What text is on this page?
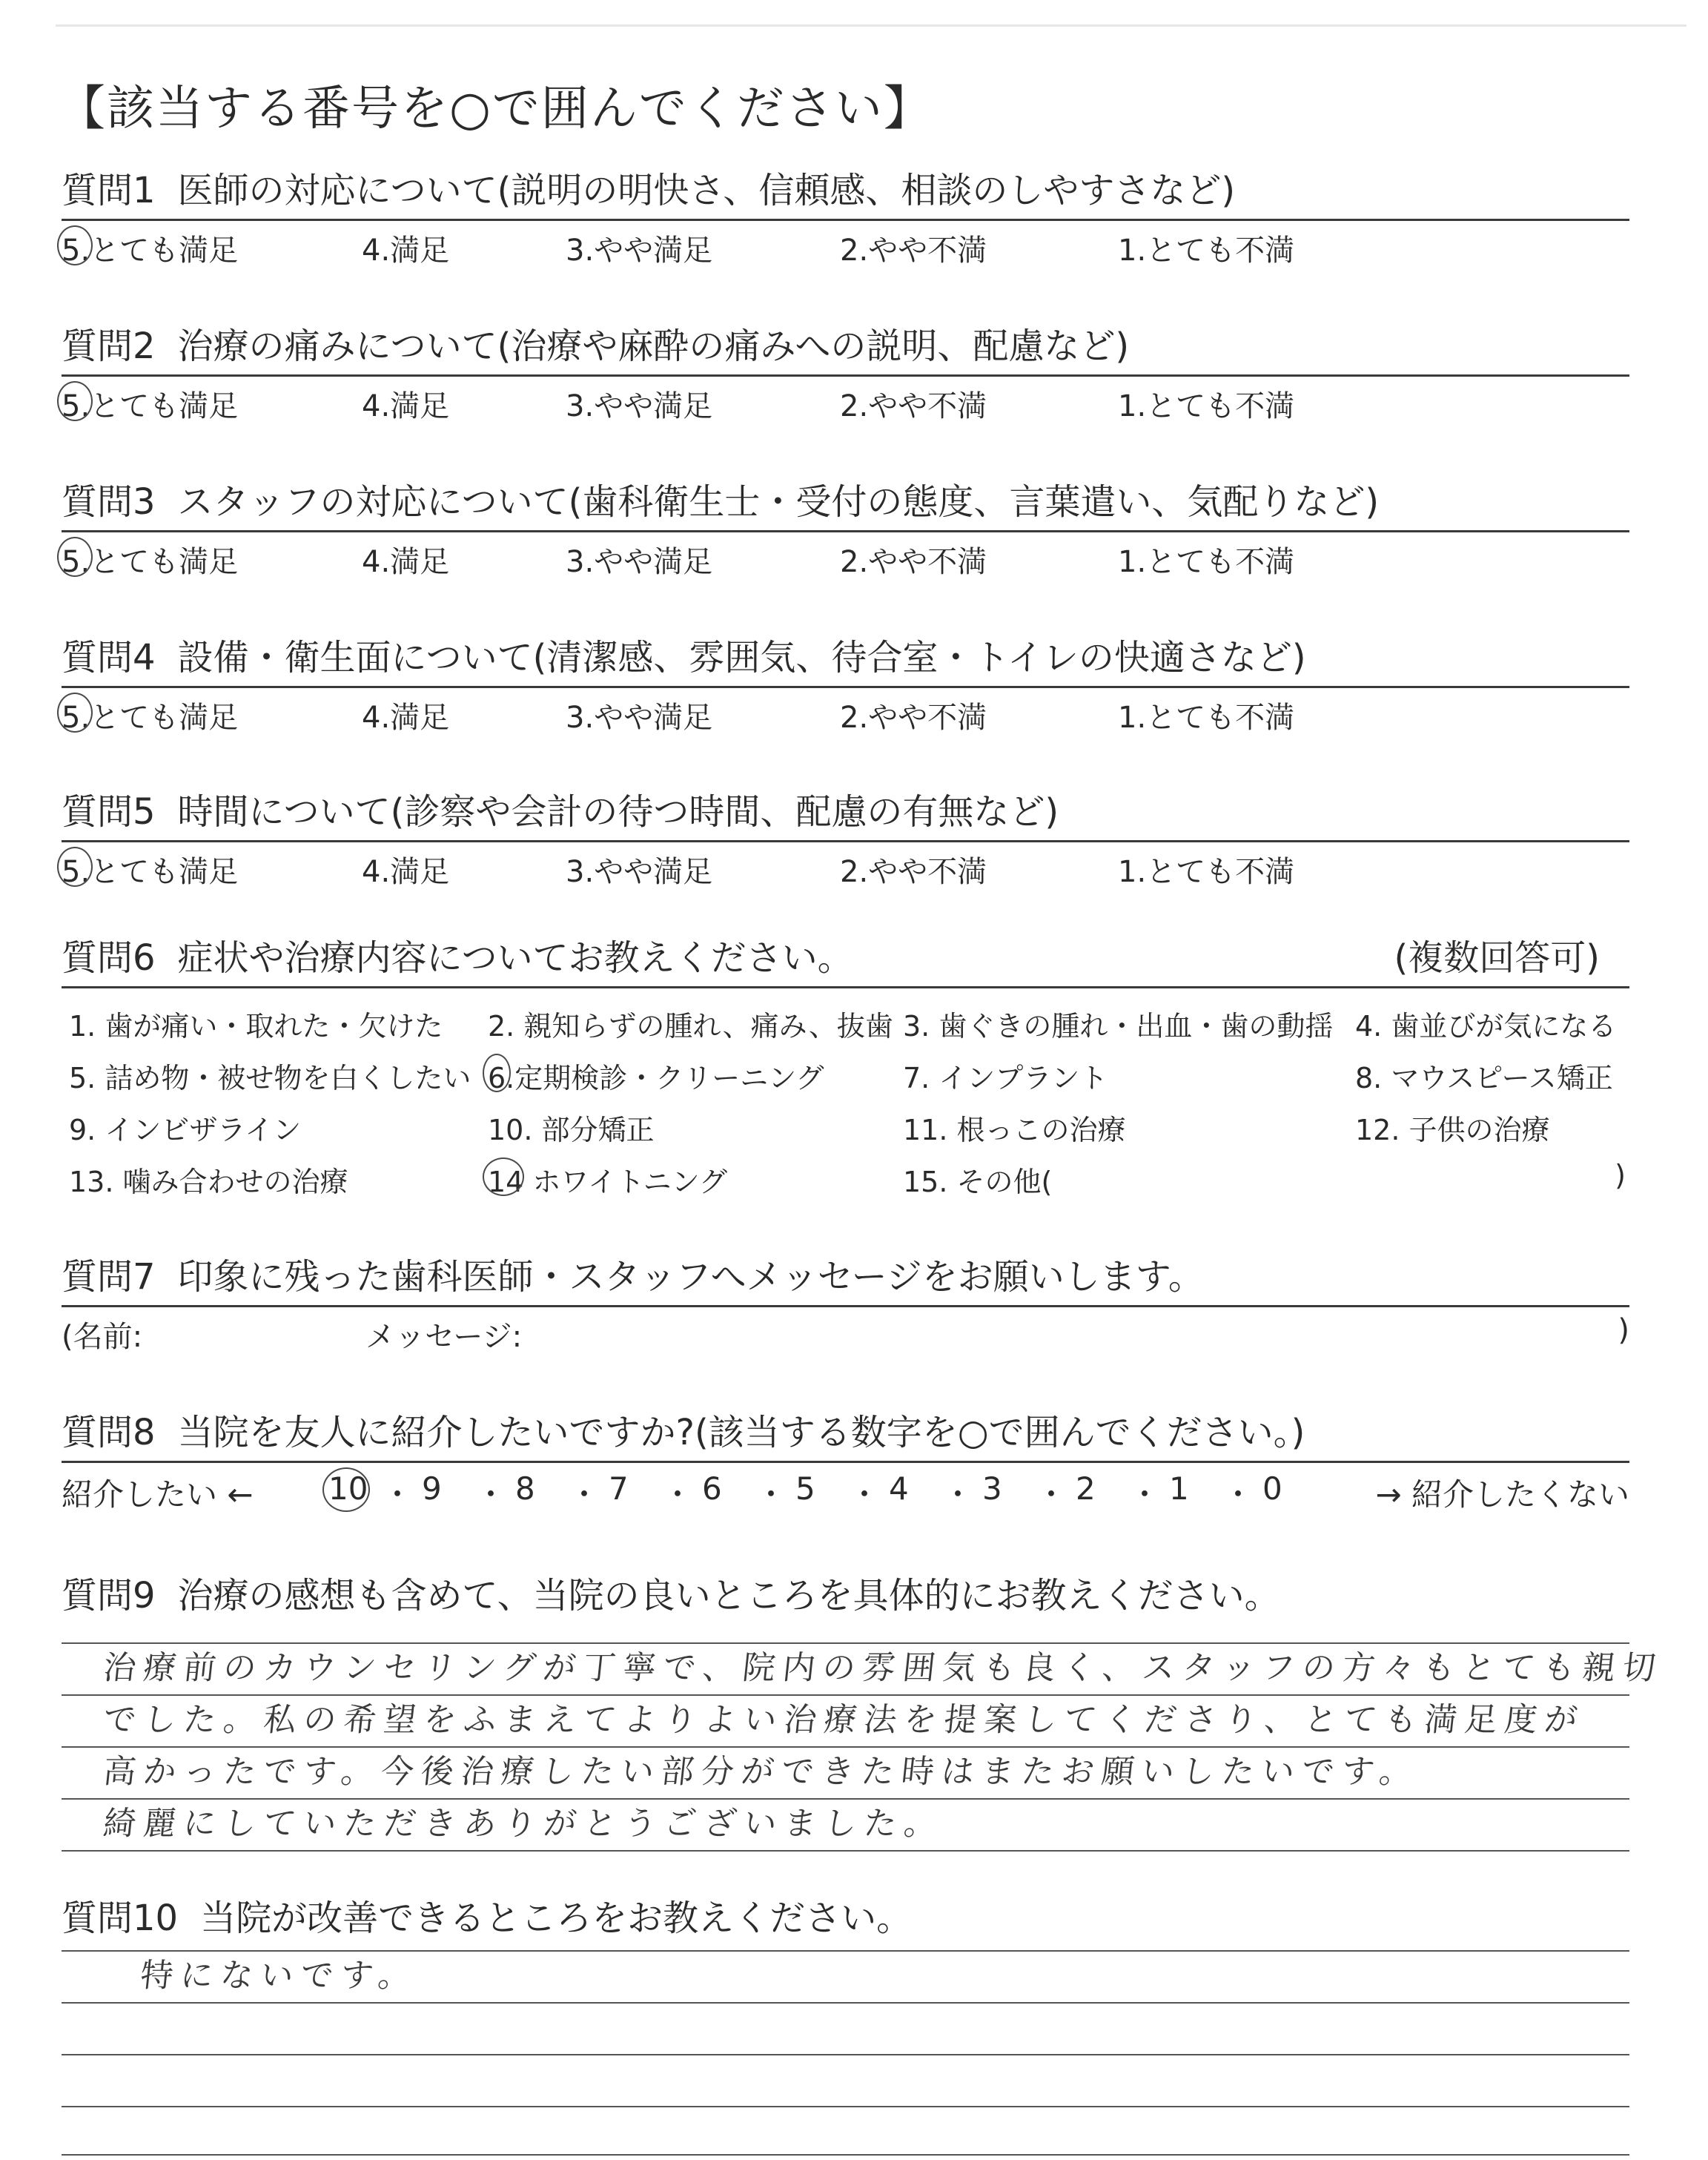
【該当する番号を○で囲んでください】
質問1 医師の対応について(説明の明快さ、信頼感、相談のしやすさなど)
5.とても満足	4.満足	3.やや満足	2.やや不満	1.とても不満
質問2 治療の痛みについて(治療や麻酔の痛みへの説明、配慮など)
5.とても満足	4.満足	3.やや満足	2.やや不満	1.とても不満
質問3 スタッフの対応について(歯科衛生士・受付の態度、言葉遣い、気配りなど)
5.とても満足	4.満足	3.やや満足	2.やや不満	1.とても不満
質問4 設備・衛生面について(清潔感、雰囲気、待合室・トイレの快適さなど)
5.とても満足	4.満足	3.やや満足	2.やや不満	1.とても不満
質問5 時間について(診察や会計の待つ時間、配慮の有無など)
5.とても満足	4.満足	3.やや満足	2.やや不満	1.とても不満
質問6 症状や治療内容についてお教えください。	(複数回答可)
1. 歯が痛い・取れた・欠けた 2. 親知らずの腫れ、痛み、抜歯 3. 歯ぐきの腫れ・出血・歯の動揺 4. 歯並びが気になる
5. 詰め物・被せ物を白くしたい 6.定期検診・クリーニング	7. インプラント	8. マウスピース矯正
9. インビザライン	10. 部分矯正	11. 根っこの治療	12. 子供の治療
13. 噛み合わせの治療	14 ホワイトニング	15. その他(	)
質問7 印象に残った歯科医師・スタッフへメッセージをお願いします。
(名前:	メッセージ:	)
質問8 当院を友人に紹介したいですか?(該当する数字を○で囲んでください。)
紹介したい ←	→ 紹介したくない
10 ・ 9 ・ 8 ・ 7 ・ 6 ・ 5 ・ 4 ・ 3 ・ 2 ・ 1 ・ 0
質問9 治療の感想も含めて、当院の良いところを具体的にお教えください。
治療前のカウンセリングが丁寧で、院内の雰囲気も良く、スタッフの方々もとても親切
でした。私の希望をふまえてよりよい治療法を提案してくださり、とても満足度が
高かったです。今後治療したい部分ができた時はまたお願いしたいです。
綺麗にしていただきありがとうございました。
質問10 当院が改善できるところをお教えください。
特にないです。
